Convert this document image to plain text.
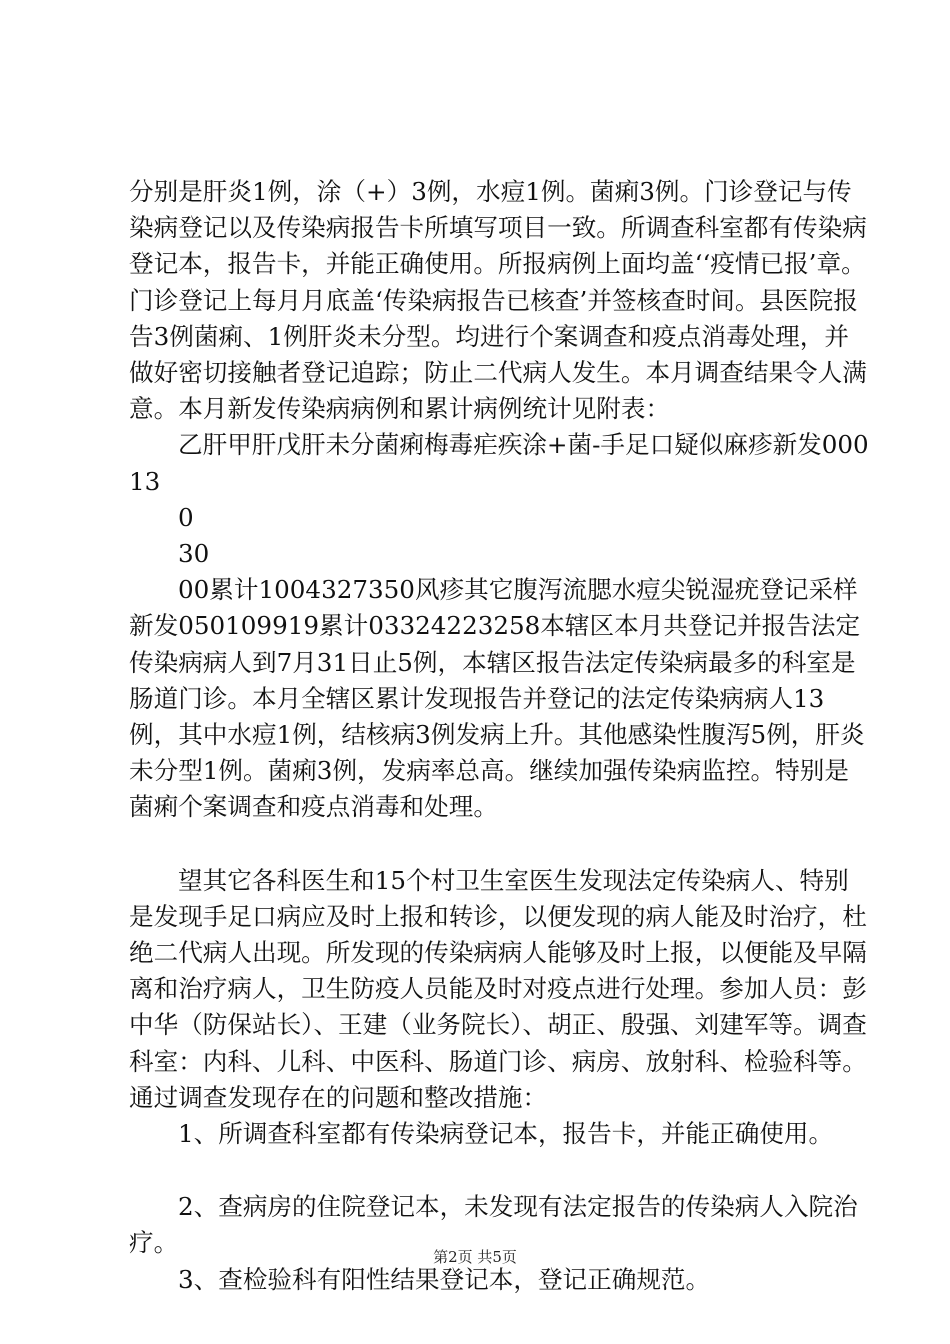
分别是肝炎1例，涂（+）3例，水痘1例。菌痢3例。门诊登记与传染病登记以及传染病报告卡所填写项目一致。所调查科室都有传染病登记本，报告卡，并能正确使用。所报病例上面均盖‘‘疫情已报’章。门诊登记上每月月底盖‘传染病报告已核查’并签核查时间。县医院报告3例菌痢、1例肝炎未分型。均进行个案调查和疫点消毒处理，并做好密切接触者登记追踪；防止二代病人发生。本月调查结果令人满意。本月新发传染病病例和累计病例统计见附表：

乙肝甲肝戊肝未分菌痢梅毒疟疾涂+菌-手足口疑似麻疹新发00013

0

30

00累计1004327350风疹其它腹泻流腮水痘尖锐湿疣登记采样新发050109919累计03324223258本辖区本月共登记并报告法定传染病病人到7月31日止5例，本辖区报告法定传染病最多的科室是肠道门诊。本月全辖区累计发现报告并登记的法定传染病病人13例，其中水痘1例，结核病3例发病上升。其他感染性腹泻5例，肝炎未分型1例。菌痢3例，发病率总高。继续加强传染病监控。特别是菌痢个案调查和疫点消毒和处理。

望其它各科医生和15个村卫生室医生发现法定传染病人、特别是发现手足口病应及时上报和转诊，以便发现的病人能及时治疗，杜绝二代病人出现。所发现的传染病病人能够及时上报，以便能及早隔离和治疗病人，卫生防疫人员能及时对疫点进行处理。参加人员：彭中华（防保站长）、王建（业务院长）、胡正、殷强、刘建军等。调查科室：内科、儿科、中医科、肠道门诊、病房、放射科、检验科等。通过调查发现存在的问题和整改措施：

1、所调查科室都有传染病登记本，报告卡，并能正确使用。

2、查病房的住院登记本，未发现有法定报告的传染病人入院治疗。

3、查检验科有阳性结果登记本，登记正确规范。

第2页 共5页
